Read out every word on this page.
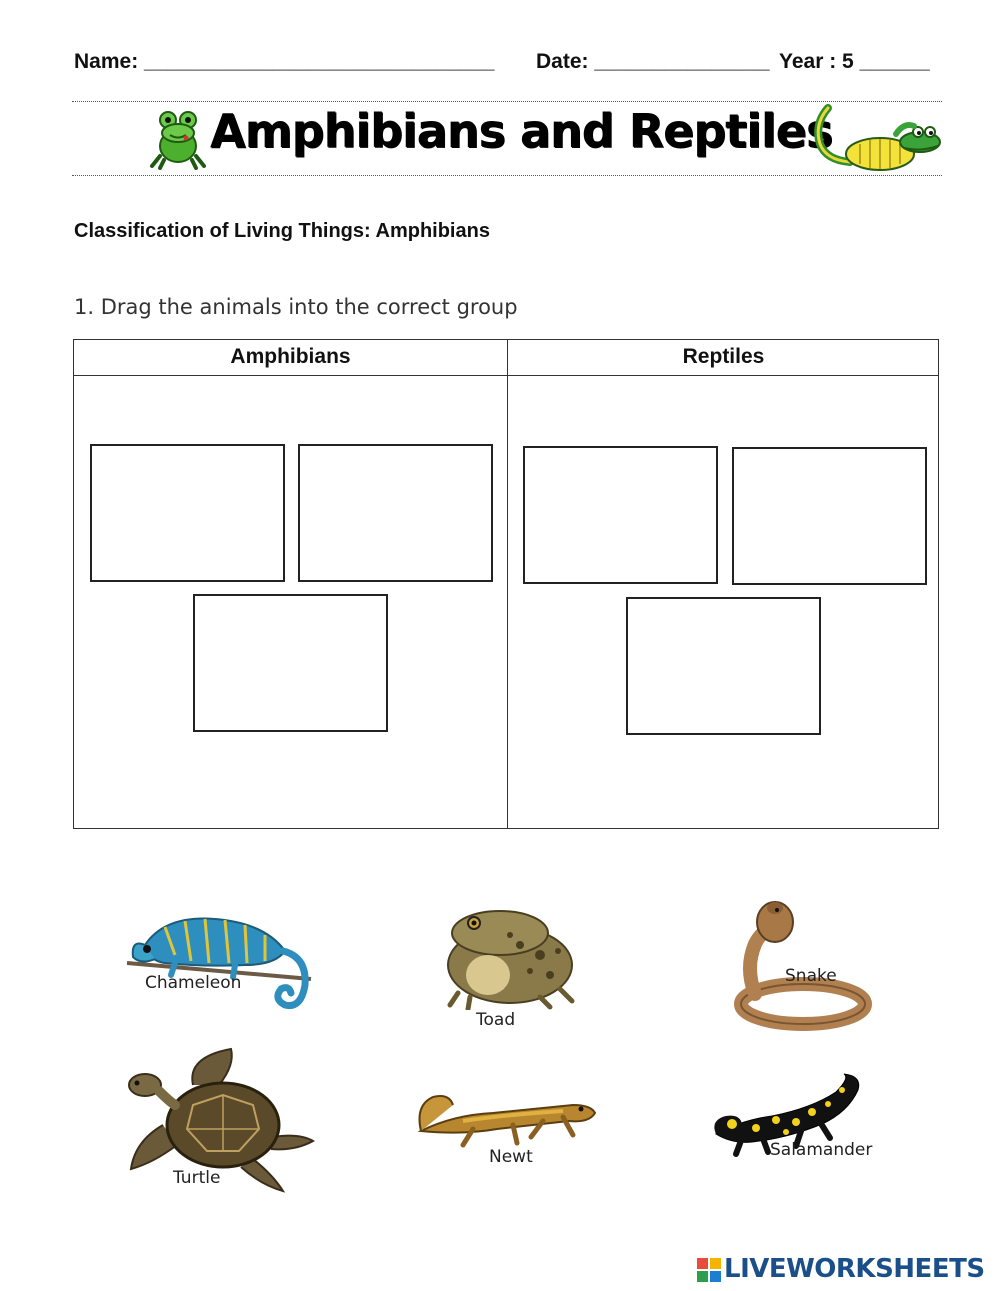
Name: ______________________________ Date: _______________ Year : 5 ______
Amphibians and Reptiles
Classification of Living Things: Amphibians
1. Drag the animals into the correct group
Amphibians	Reptiles
Chameleon
Toad
Snake
Turtle
Newt	Salamander
LIVEWORKSHEETS
